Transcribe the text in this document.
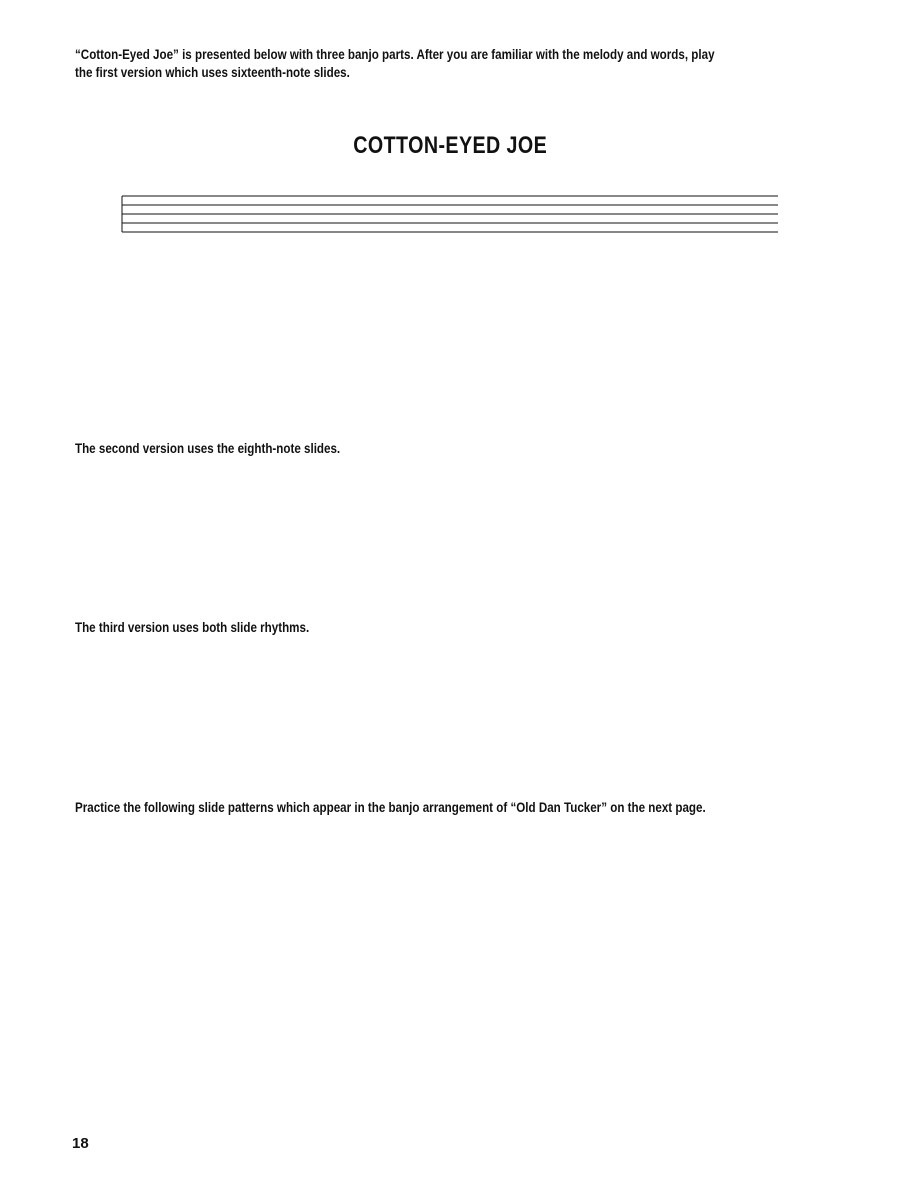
“Cotton-Eyed Joe” is presented below with three banjo parts. After you are familiar with the melody and words, play the first version which uses sixteenth-note slides.
COTTON-EYED JOE
The second version uses the eighth-note slides.
The third version uses both slide rhythms.
Practice the following slide patterns which appear in the banjo arrangement of “Old Dan Tucker” on the next page.
18
